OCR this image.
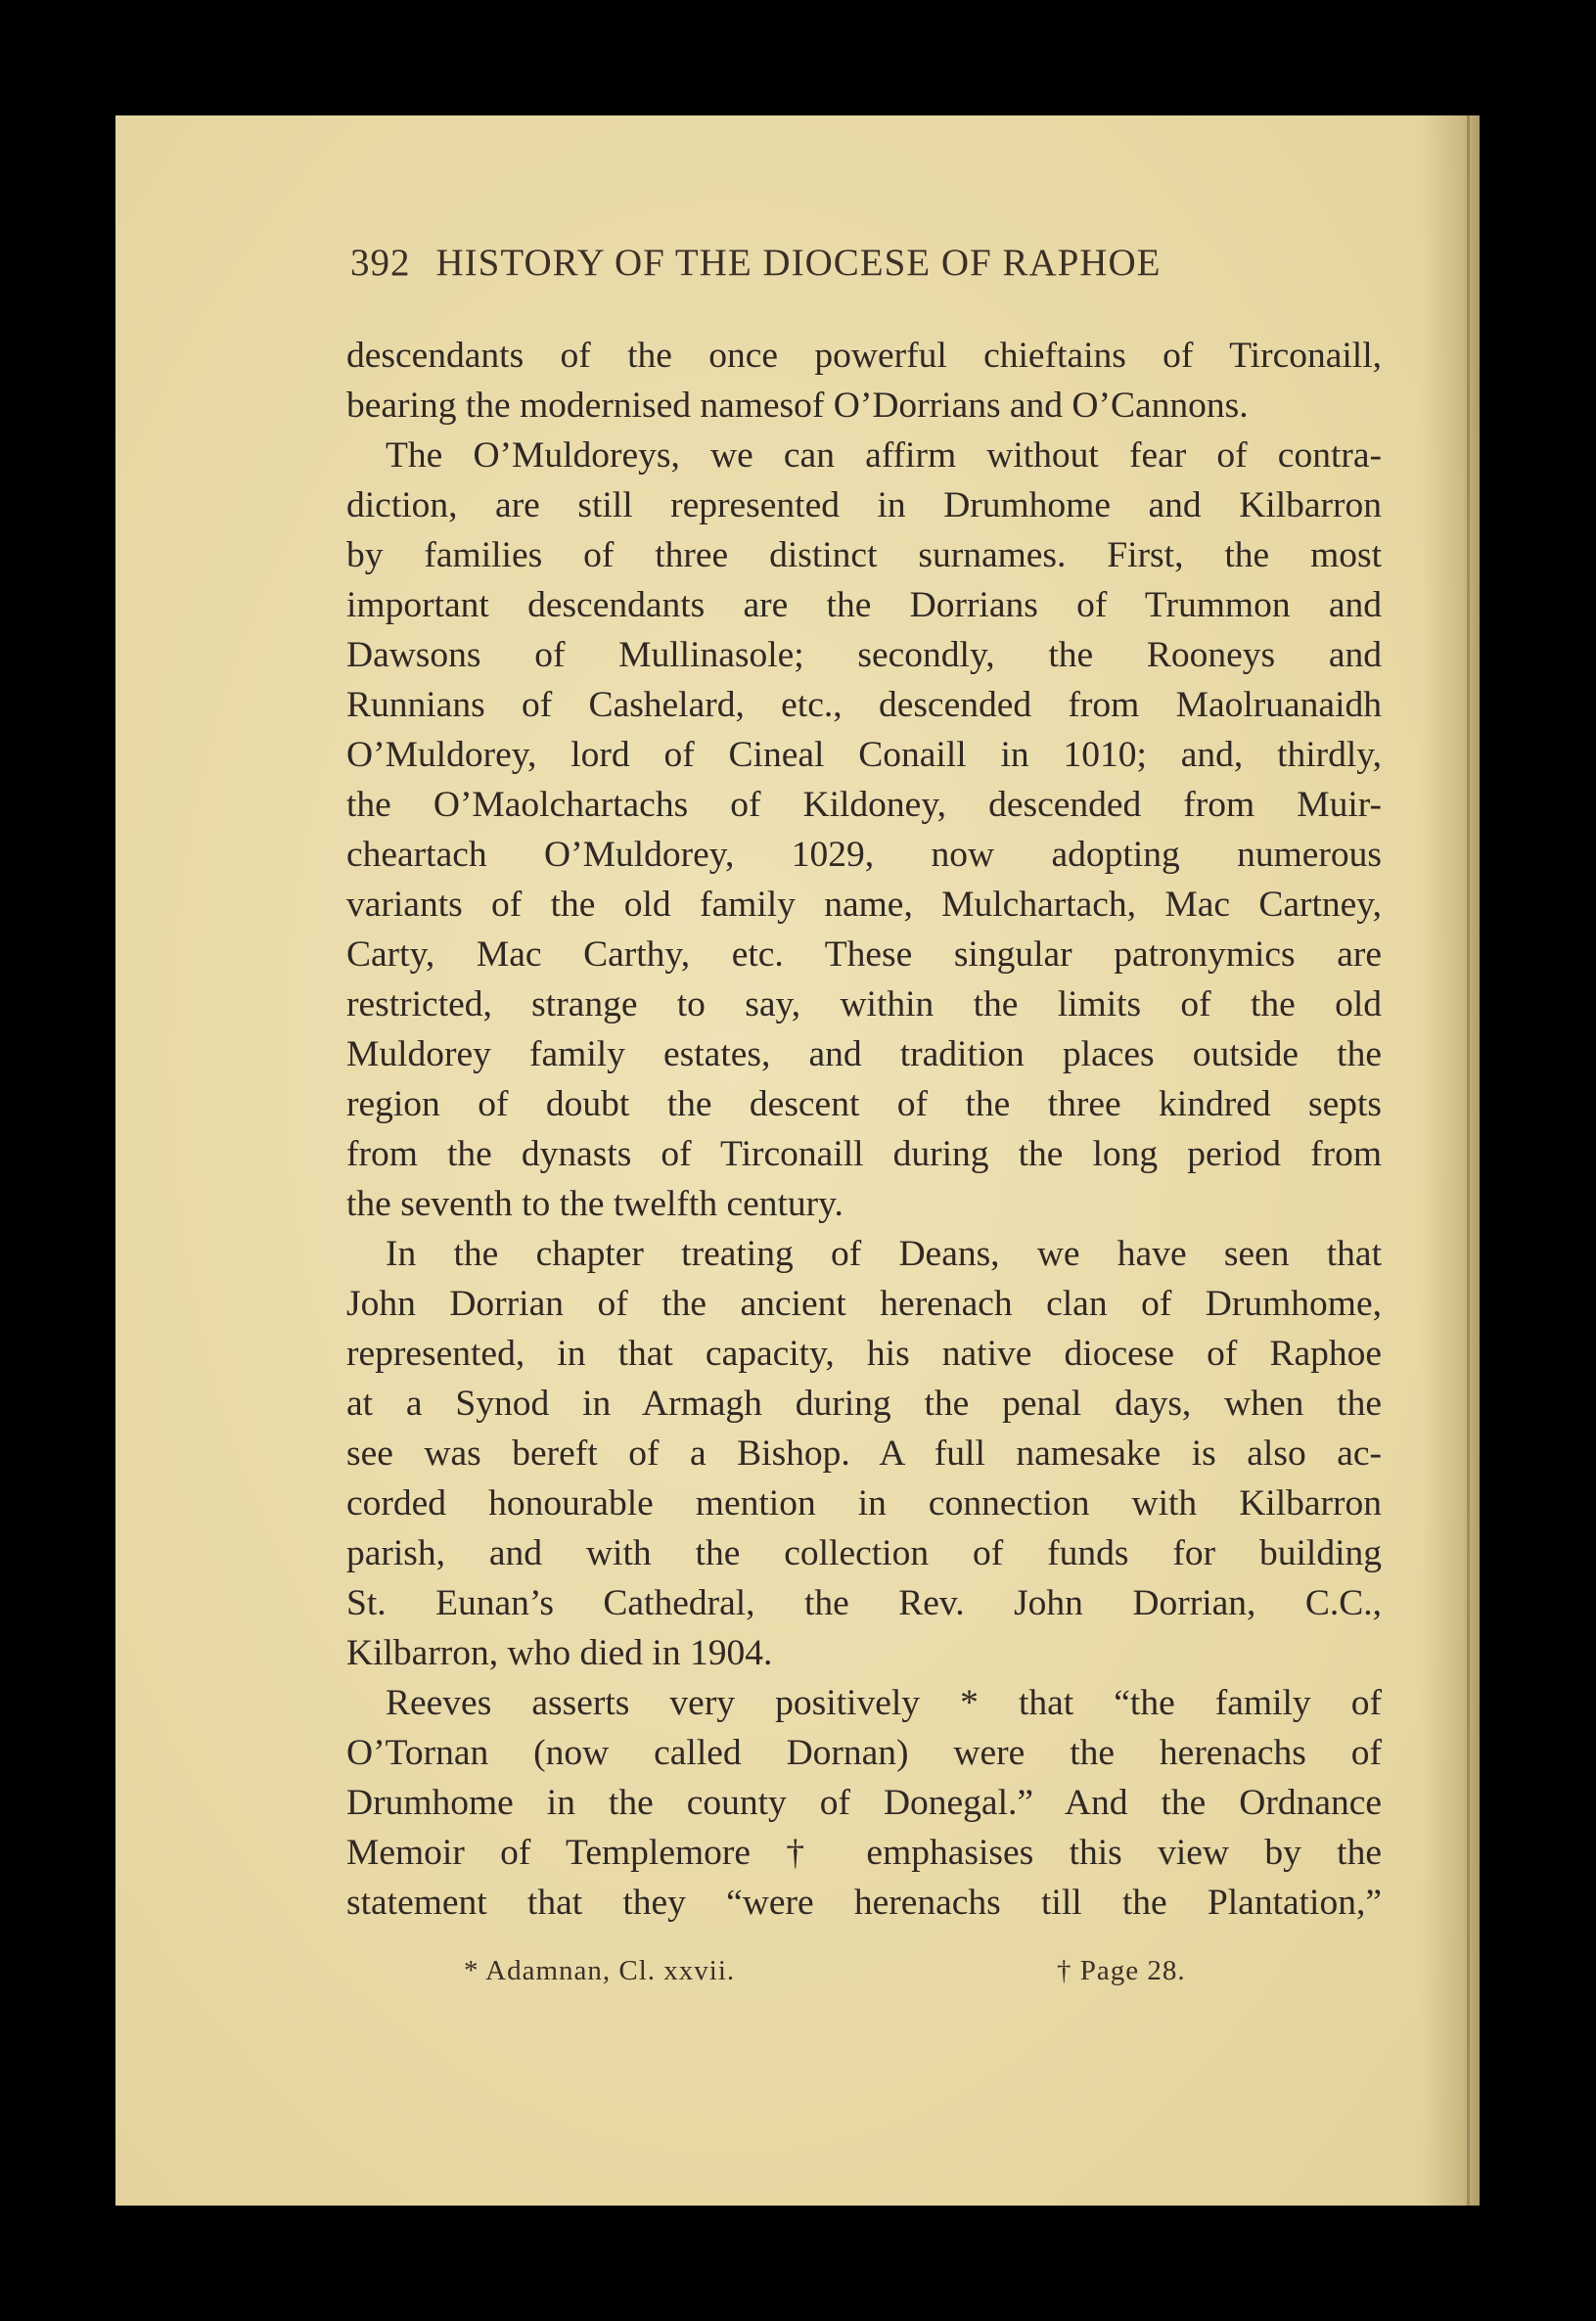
392 HISTORY OF THE DIOCESE OF RAPHOE
descendants of the once powerful chieftains of Tirconaill,
bearing the modernised namesof O’Dorrians and O’Cannons.
The O’Muldoreys, we can affirm without fear of contra-
diction, are still represented in Drumhome and Kilbarron
by families of three distinct surnames. First, the most
important descendants are the Dorrians of Trummon and
Dawsons of Mullinasole; secondly, the Rooneys and
Runnians of Cashelard, etc., descended from Maolruanaidh
O’Muldorey, lord of Cineal Conaill in 1010; and, thirdly,
the O’Maolchartachs of Kildoney, descended from Muir-
cheartach O’Muldorey, 1029, now adopting numerous
variants of the old family name, Mulchartach, Mac Cartney,
Carty, Mac Carthy, etc. These singular patronymics are
restricted, strange to say, within the limits of the old
Muldorey family estates, and tradition places outside the
region of doubt the descent of the three kindred septs
from the dynasts of Tirconaill during the long period from
the seventh to the twelfth century.
In the chapter treating of Deans, we have seen that
John Dorrian of the ancient herenach clan of Drumhome,
represented, in that capacity, his native diocese of Raphoe
at a Synod in Armagh during the penal days, when the
see was bereft of a Bishop. A full namesake is also ac-
corded honourable mention in connection with Kilbarron
parish, and with the collection of funds for building
St. Eunan’s Cathedral, the Rev. John Dorrian, C.C.,
Kilbarron, who died in 1904.
Reeves asserts very positively * that “the family of
O’Tornan (now called Dornan) were the herenachs of
Drumhome in the county of Donegal.” And the Ordnance
Memoir of Templemore † emphasises this view by the
statement that they “were herenachs till the Plantation,”
* Adamnan, Cl. xxvii.	† Page 28.
